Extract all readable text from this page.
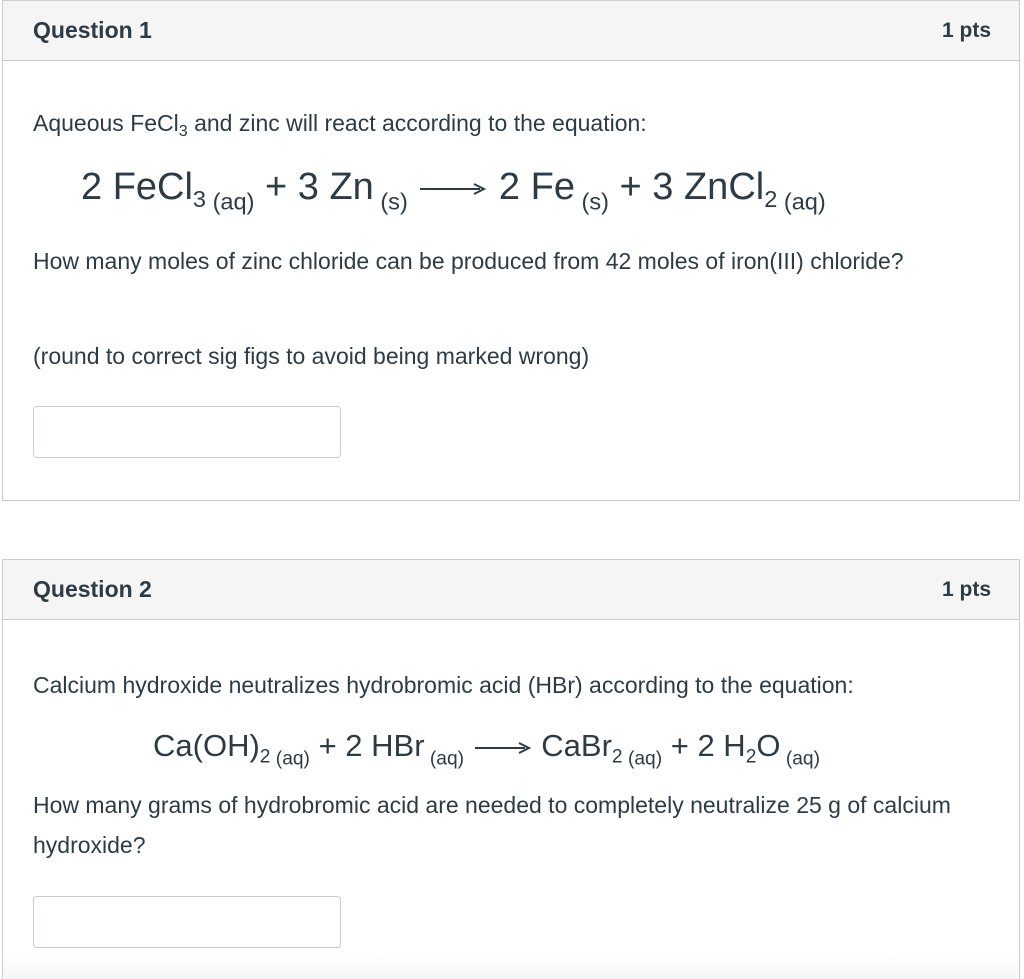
Question 1	1 pts

Aqueous FeCl$_3$ and zinc will react according to the equation:

2 FeCl$_3$ $_{(aq)}$ + 3 Zn $_{(s)}$ → 2 Fe $_{(s)}$ + 3 ZnCl$_2$ $_{(aq)}$

How many moles of zinc chloride can be produced from 42 moles of iron(III) chloride?

(round to correct sig figs to avoid being marked wrong)

Question 2	1 pts

Calcium hydroxide neutralizes hydrobromic acid (HBr) according to the equation:

$Ca(OH)_2$ $_{(aq)}$ + 2 HBr $_{(aq)}$ → CaBr$_2$ $_{(aq)}$ + 2 $H_2O$ $_{(aq)}$

How many grams of hydrobromic acid are needed to completely neutralize 25 g of calcium hydroxide?
